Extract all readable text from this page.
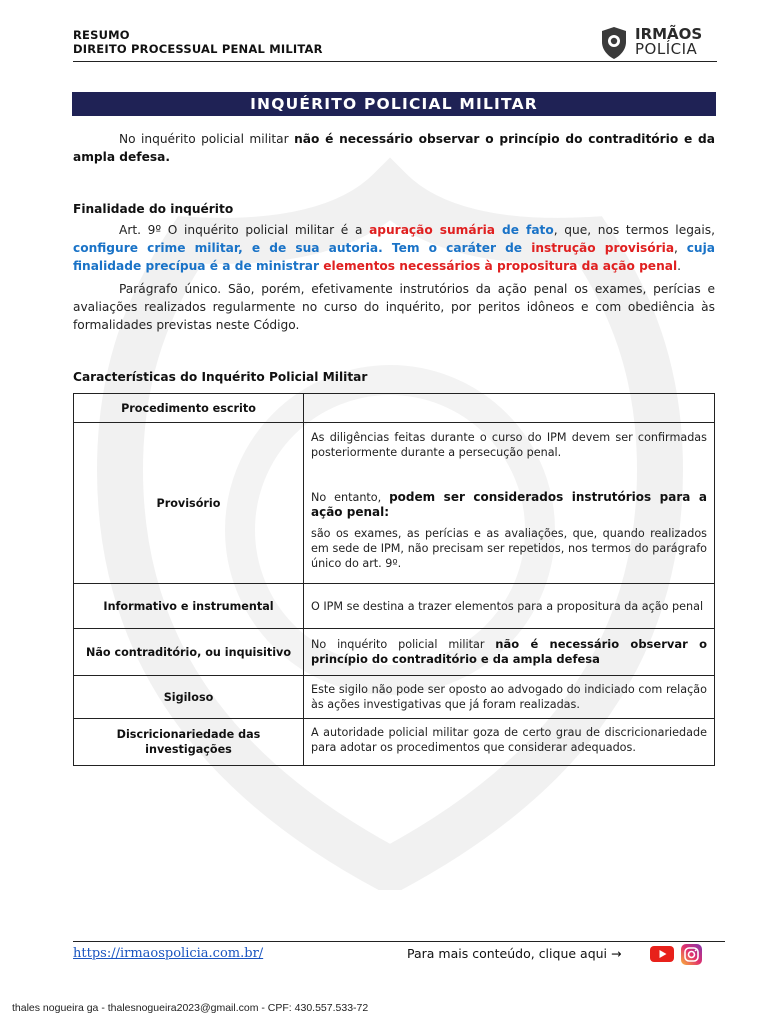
RESUMO
DIREITO PROCESSUAL PENAL MILITAR
IRMÃOS
POLÍCIA
INQUÉRITO POLICIAL MILITAR
No inquérito policial militar não é necessário observar o princípio do contraditório e da ampla defesa.
Finalidade do inquérito
Art. 9º O inquérito policial militar é a apuração sumária de fato, que, nos termos legais, configure crime militar, e de sua autoria. Tem o caráter de instrução provisória, cuja finalidade precípua é a de ministrar elementos necessários à propositura da ação penal.
Parágrafo único. São, porém, efetivamente instrutórios da ação penal os exames, perícias e avaliações realizados regularmente no curso do inquérito, por peritos idôneos e com obediência às formalidades previstas neste Código.
Características do Inquérito Policial Militar
Procedimento escrito	
Provisório	As diligências feitas durante o curso do IPM devem ser confirmadas posteriormente durante a persecução penal.
No entanto, podem ser considerados instrutórios para a ação penal:
são os exames, as perícias e as avaliações, que, quando realizados em sede de IPM, não precisam ser repetidos, nos termos do parágrafo único do art. 9º.

Informativo e instrumental	O IPM se destina a trazer elementos para a propositura da ação penal
Não contraditório, ou inquisitivo	No inquérito policial militar não é necessário observar o princípio do contraditório e da ampla defesa
Sigiloso	Este sigilo não pode ser oposto ao advogado do indiciado com relação às ações investigativas que já foram realizadas.
Discricionariedade das investigações	A autoridade policial militar goza de certo grau de discricionariedade para adotar os procedimentos que considerar adequados.
https://irmaospolicia.com.br/	Para mais conteúdo, clique aqui →
thales nogueira ga - thalesnogueira2023@gmail.com - CPF: 430.557.533-72
